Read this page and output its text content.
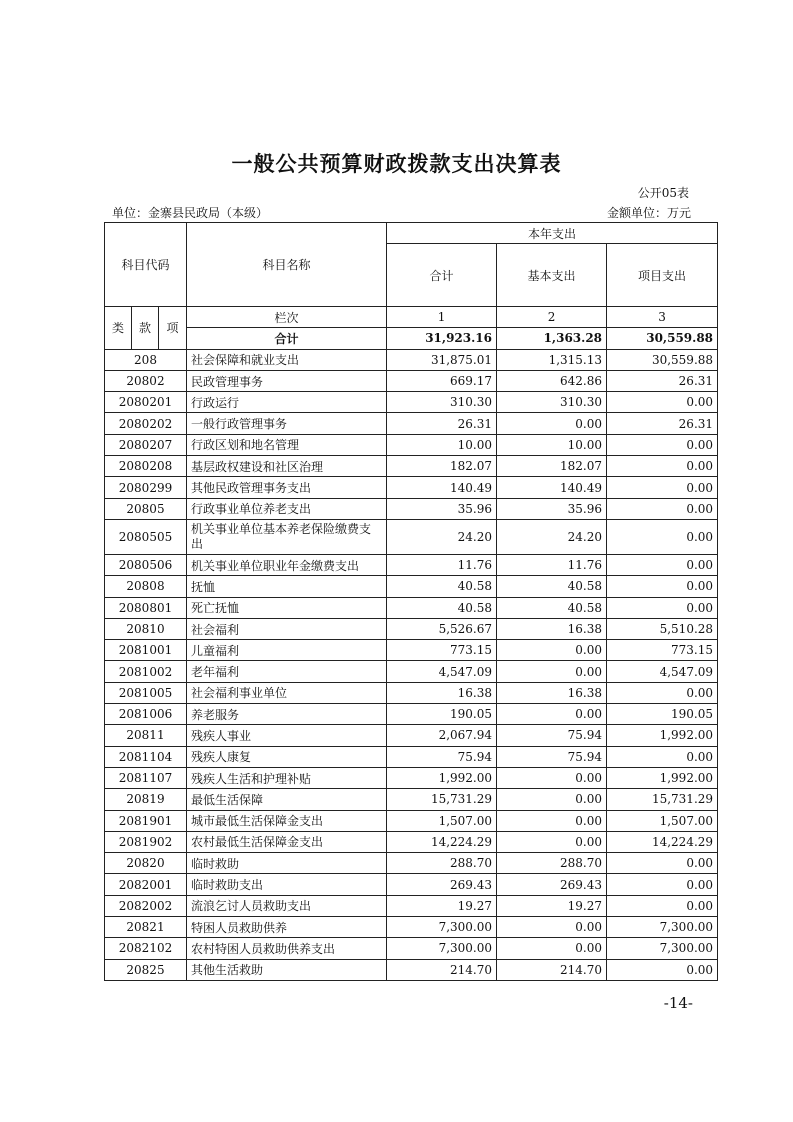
一般公共预算财政拨款支出决算表
公开05表
单位：金寨县民政局（本级）	金额单位：万元
科目代码			科目名称	本年支出		
				合计	基本支出	项目支出
类	款	项	栏次	1	2	3
			合计	31,923.16	1,363.28	30,559.88
208			社会保障和就业支出	31,875.01	1,315.13	30,559.88
20802			民政管理事务	669.17	642.86	26.31
2080201			行政运行	310.30	310.30	0.00
2080202			一般行政管理事务	26.31	0.00	26.31
2080207			行政区划和地名管理	10.00	10.00	0.00
2080208			基层政权建设和社区治理	182.07	182.07	0.00
2080299			其他民政管理事务支出	140.49	140.49	0.00
20805			行政事业单位养老支出	35.96	35.96	0.00
2080505			机关事业单位基本养老保险缴费支出	24.20	24.20	0.00
2080506			机关事业单位职业年金缴费支出	11.76	11.76	0.00
20808			抚恤	40.58	40.58	0.00
2080801			死亡抚恤	40.58	40.58	0.00
20810			社会福利	5,526.67	16.38	5,510.28
2081001			儿童福利	773.15	0.00	773.15
2081002			老年福利	4,547.09	0.00	4,547.09
2081005			社会福利事业单位	16.38	16.38	0.00
2081006			养老服务	190.05	0.00	190.05
20811			残疾人事业	2,067.94	75.94	1,992.00
2081104			残疾人康复	75.94	75.94	0.00
2081107			残疾人生活和护理补贴	1,992.00	0.00	1,992.00
20819			最低生活保障	15,731.29	0.00	15,731.29
2081901			城市最低生活保障金支出	1,507.00	0.00	1,507.00
2081902			农村最低生活保障金支出	14,224.29	0.00	14,224.29
20820			临时救助	288.70	288.70	0.00
2082001			临时救助支出	269.43	269.43	0.00
2082002			流浪乞讨人员救助支出	19.27	19.27	0.00
20821			特困人员救助供养	7,300.00	0.00	7,300.00
2082102			农村特困人员救助供养支出	7,300.00	0.00	7,300.00
20825			其他生活救助	214.70	214.70	0.00
-14-
